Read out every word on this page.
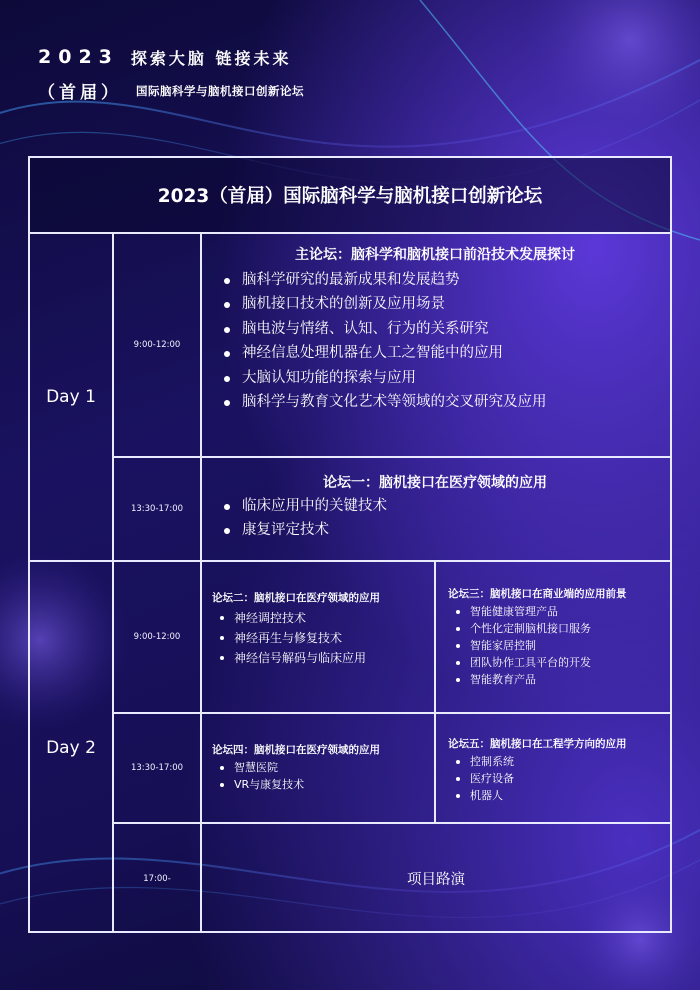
2023 探索大脑 链接未来
（首届） 国际脑科学与脑机接口创新论坛
2023（首届）国际脑科学与脑机接口创新论坛
Day 1
Day 2
9:00-12:00
13:30-17:00
9:00-12:00
13:30-17:00
17:00-
主论坛：脑科学和脑机接口前沿技术发展探讨
脑科学研究的最新成果和发展趋势
脑机接口技术的创新及应用场景
脑电波与情绪、认知、行为的关系研究
神经信息处理机器在人工之智能中的应用
大脑认知功能的探索与应用
脑科学与教育文化艺术等领域的交叉研究及应用
论坛一：脑机接口在医疗领域的应用
临床应用中的关键技术
康复评定技术
论坛二：脑机接口在医疗领域的应用
神经调控技术
神经再生与修复技术
神经信号解码与临床应用
论坛三：脑机接口在商业端的应用前景
智能健康管理产品
个性化定制脑机接口服务
智能家居控制
团队协作工具平台的开发
智能教育产品
论坛四：脑机接口在医疗领域的应用
智慧医院
VR与康复技术
论坛五：脑机接口在工程学方向的应用
控制系统
医疗设备
机器人
项目路演
